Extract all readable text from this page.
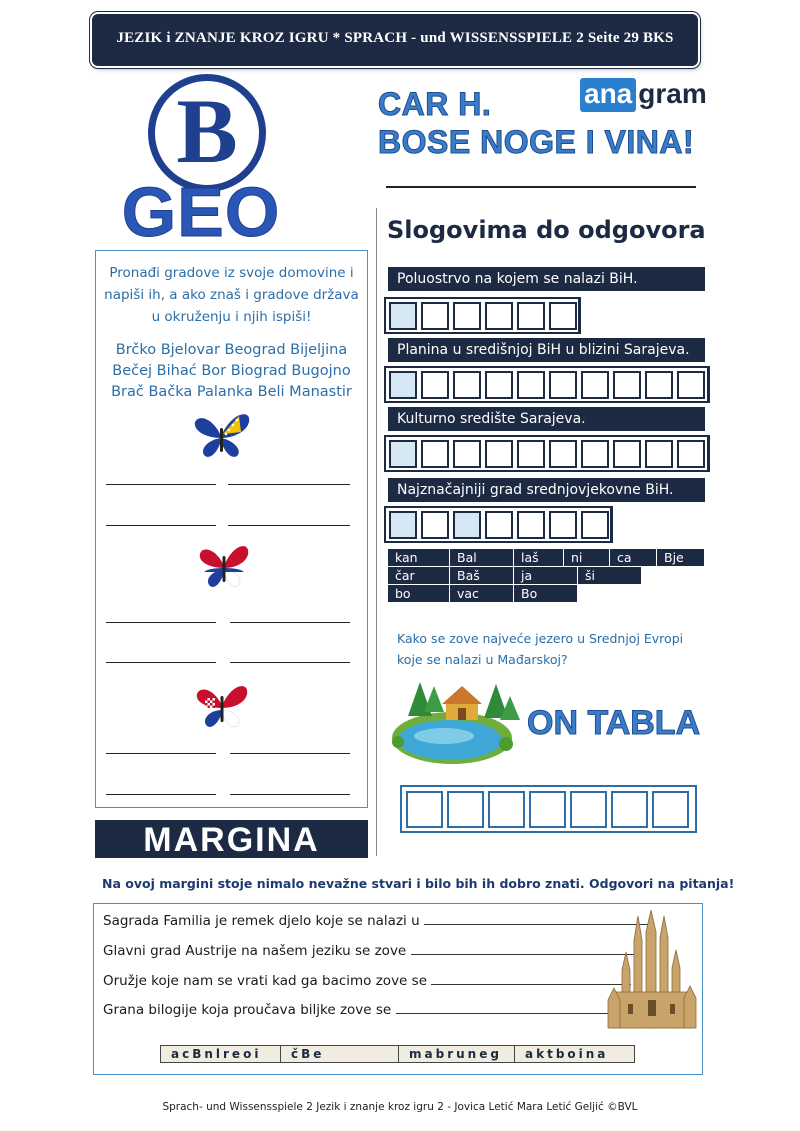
JEZIK i ZNANJE KROZ IGRU * SPRACH - und WISSENSSPIELE 2 Seite 29 BKS
B
GEO
CAR H.
BOSE NOGE I VINA!
ana gram
Pronađi gradove iz svoje domovine i napiši ih, a ako znaš i gradove država u okruženju i njih ispiši!
Brčko Bjelovar Beograd Bijeljina
Bečej Bihać Bor Biograd Bugojno
Brač Bačka Palanka Beli Manastir
Slogovima do odgovora
Poluostrvo na kojem se nalazi BiH.
Planina u središnjoj BiH u blizini Sarajeva.
Kulturno središte Sarajeva.
Najznačajniji grad srednjovjekovne BiH.
kan	Bal	laš	ni	ca	Bje
čar	Baš	ja	ši
bo	vac	Bo
Kako se zove najveće jezero u Srednjoj Evropi koje se nalazi u Mađarskoj?
ON TABLA
MARGINA
Na ovoj margini stoje nimalo nevažne stvari i bilo bih ih dobro znati. Odgovori na pitanja!
Sagrada Familia je remek djelo koje se nalazi u
Glavni grad Austrije na našem jeziku se zove
Oružje koje nam se vrati kad ga bacimo zove se
Grana bilogije koja proučava biljke zove se
acBnlreoi	čBe	mabruneg	aktboina
Sprach- und Wissensspiele 2 Jezik i znanje kroz igru 2 - Jovica Letić Mara Letić Geljić ©BVL
